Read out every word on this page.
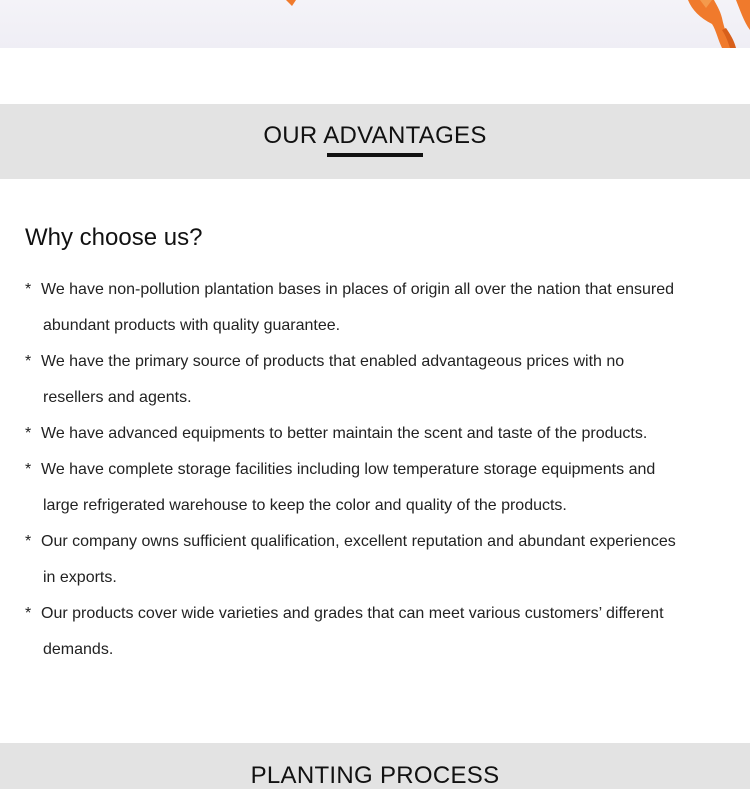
OUR ADVANTAGES
Why choose us?
* We have non-pollution plantation bases in places of origin all over the nation that ensured
abundant products with quality guarantee.
* We have the primary source of products that enabled advantageous prices with no
resellers and agents.
* We have advanced equipments to better maintain the scent and taste of the products.
* We have complete storage facilities including low temperature storage equipments and
large refrigerated warehouse to keep the color and quality of the products.
* Our company owns sufficient qualification, excellent reputation and abundant experiences
in exports.
* Our products cover wide varieties and grades that can meet various customers’ different
demands.
PLANTING PROCESS
